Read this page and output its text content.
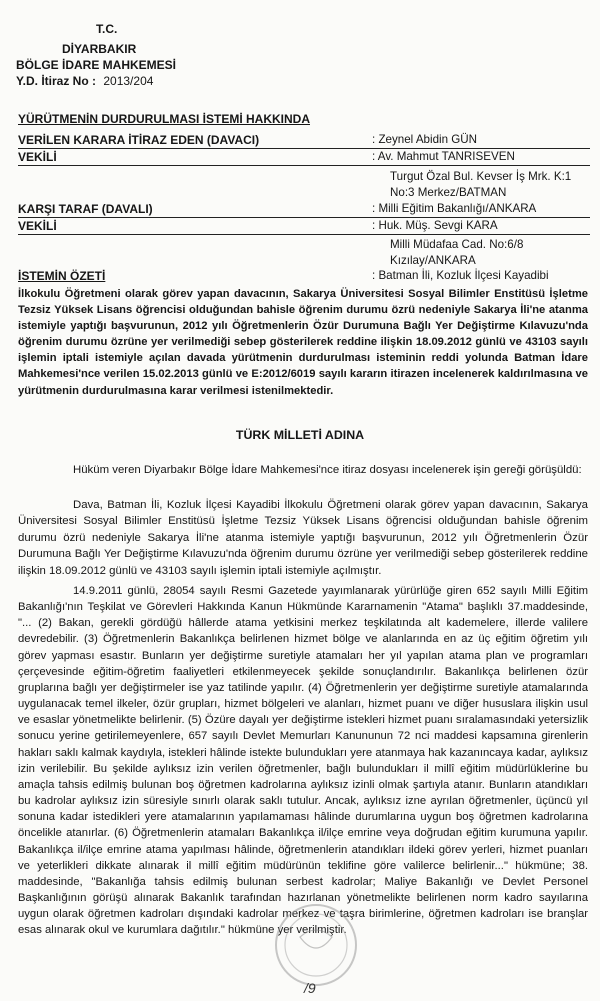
T.C.
DİYARBAKIR
BÖLGE İDARE MAHKEMESİ
Y.D. İtiraz No : 2013/204
YÜRÜTMENİN DURDURULMASI İSTEMİ HAKKINDA
VERİLEN KARARA İTİRAZ EDEN (DAVACI)	: Zeynel Abidin GÜN
VEKİLİ	: Av. Mahmut TANRISEVEN
Turgut Özal Bul. Kevser İş Mrk. K:1
No:3 Merkez/BATMAN
KARŞI TARAF (DAVALI)	: Milli Eğitim Bakanlığı/ANKARA
VEKİLİ	: Huk. Müş. Sevgi KARA
Milli Müdafaa Cad. No:6/8
Kızılay/ANKARA
İSTEMİN ÖZETİ	: Batman İli, Kozluk İlçesi Kayadibi

İlkokulu Öğretmeni olarak görev yapan davacının, Sakarya Üniversitesi Sosyal Bilimler Enstitüsü İşletme Tezsiz Yüksek Lisans öğrencisi olduğundan bahisle öğrenim durumu özrü nedeniyle Sakarya İli'ne atanma istemiyle yaptığı başvurunun, 2012 yılı Öğretmenlerin Özür Durumuna Bağlı Yer Değiştirme Kılavuzu'nda öğrenim durumu özrüne yer verilmediği sebep gösterilerek reddine ilişkin 18.09.2012 günlü ve 43103 sayılı işlemin iptali istemiyle açılan davada yürütmenin durdurulması isteminin reddi yolunda Batman İdare Mahkemesi'nce verilen 15.02.2013 günlü ve E:2012/6019 sayılı kararın itirazen incelenerek kaldırılmasına ve yürütmenin durdurulmasına karar verilmesi istenilmektedir.

TÜRK MİLLETİ ADINA

Hüküm veren Diyarbakır Bölge İdare Mahkemesi'nce itiraz dosyası incelenerek işin gereği görüşüldü:

Dava, Batman İli, Kozluk İlçesi Kayadibi İlkokulu Öğretmeni olarak görev yapan davacının, Sakarya Üniversitesi Sosyal Bilimler Enstitüsü İşletme Tezsiz Yüksek Lisans öğrencisi olduğundan bahisle öğrenim durumu özrü nedeniyle Sakarya İli'ne atanma istemiyle yaptığı başvurunun, 2012 yılı Öğretmenlerin Özür Durumuna Bağlı Yer Değiştirme Kılavuzu'nda öğrenim durumu özrüne yer verilmediği sebep gösterilerek reddine ilişkin 18.09.2012 günlü ve 43103 sayılı işlemin iptali istemiyle açılmıştır.

14.9.2011 günlü, 28054 sayılı Resmi Gazetede yayımlanarak yürürlüğe giren 652 sayılı Milli Eğitim Bakanlığı'nın Teşkilat ve Görevleri Hakkında Kanun Hükmünde Kararnamenin "Atama" başlıklı 37.maddesinde, "... (2) Bakan, gerekli gördüğü hâllerde atama yetkisini merkez teşkilatında alt kademelere, illerde valilere devredebilir. (3) Öğretmenlerin Bakanlıkça belirlenen hizmet bölge ve alanlarında en az üç eğitim öğretim yılı görev yapması esastır. Bunların yer değiştirme suretiyle atamaları her yıl yapılan atama plan ve programları çerçevesinde eğitim-öğretim faaliyetleri etkilenmeyecek şekilde sonuçlandırılır. Bakanlıkça belirlenen özür gruplarına bağlı yer değiştirmeler ise yaz tatilinde yapılır. (4) Öğretmenlerin yer değiştirme suretiyle atamalarında uygulanacak temel ilkeler, özür grupları, hizmet bölgeleri ve alanları, hizmet puanı ve diğer hususlara ilişkin usul ve esaslar yönetmelikte belirlenir. (5) Özüre dayalı yer değiştirme istekleri hizmet puanı sıralamasındaki yetersizlik sonucu yerine getirilemeyenlere, 657 sayılı Devlet Memurları Kanununun 72 nci maddesi kapsamına girenlerin hakları saklı kalmak kaydıyla, istekleri hâlinde istekte bulundukları yere atanmaya hak kazanıncaya kadar, aylıksız izin verilebilir. Bu şekilde aylıksız izin verilen öğretmenler, bağlı bulundukları il millî eğitim müdürlüklerine bu amaçla tahsis edilmiş bulunan boş öğretmen kadrolarına aylıksız izinli olmak şartıyla atanır. Bunların atandıkları bu kadrolar aylıksız izin süresiyle sınırlı olarak saklı tutulur. Ancak, aylıksız izne ayrılan öğretmenler, üçüncü yıl sonuna kadar istedikleri yere atamalarının yapılamaması hâlinde durumlarına uygun boş öğretmen kadrolarına öncelikle atanırlar. (6) Öğretmenlerin atamaları Bakanlıkça il/ilçe emrine veya doğrudan eğitim kurumuna yapılır. Bakanlıkça il/ilçe emrine atama yapılması hâlinde, öğretmenlerin atandıkları ildeki görev yerleri, hizmet puanları ve yeterlikleri dikkate alınarak il millî eğitim müdürünün teklifine göre valilerce belirlenir..." hükmüne; 38. maddesinde, "Bakanlığa tahsis edilmiş bulunan serbest kadrolar; Maliye Bakanlığı ve Devlet Personel Başkanlığının görüşü alınarak Bakanlık tarafından hazırlanan yönetmelikte belirlenen norm kadro sayılarına uygun olarak öğretmen kadroları dışındaki kadrolar merkez ve taşra birimlerine, öğretmen kadroları ise branşlar esas alınarak okul ve kurumlara dağıtılır." hükmüne yer verilmiştir.

/9
